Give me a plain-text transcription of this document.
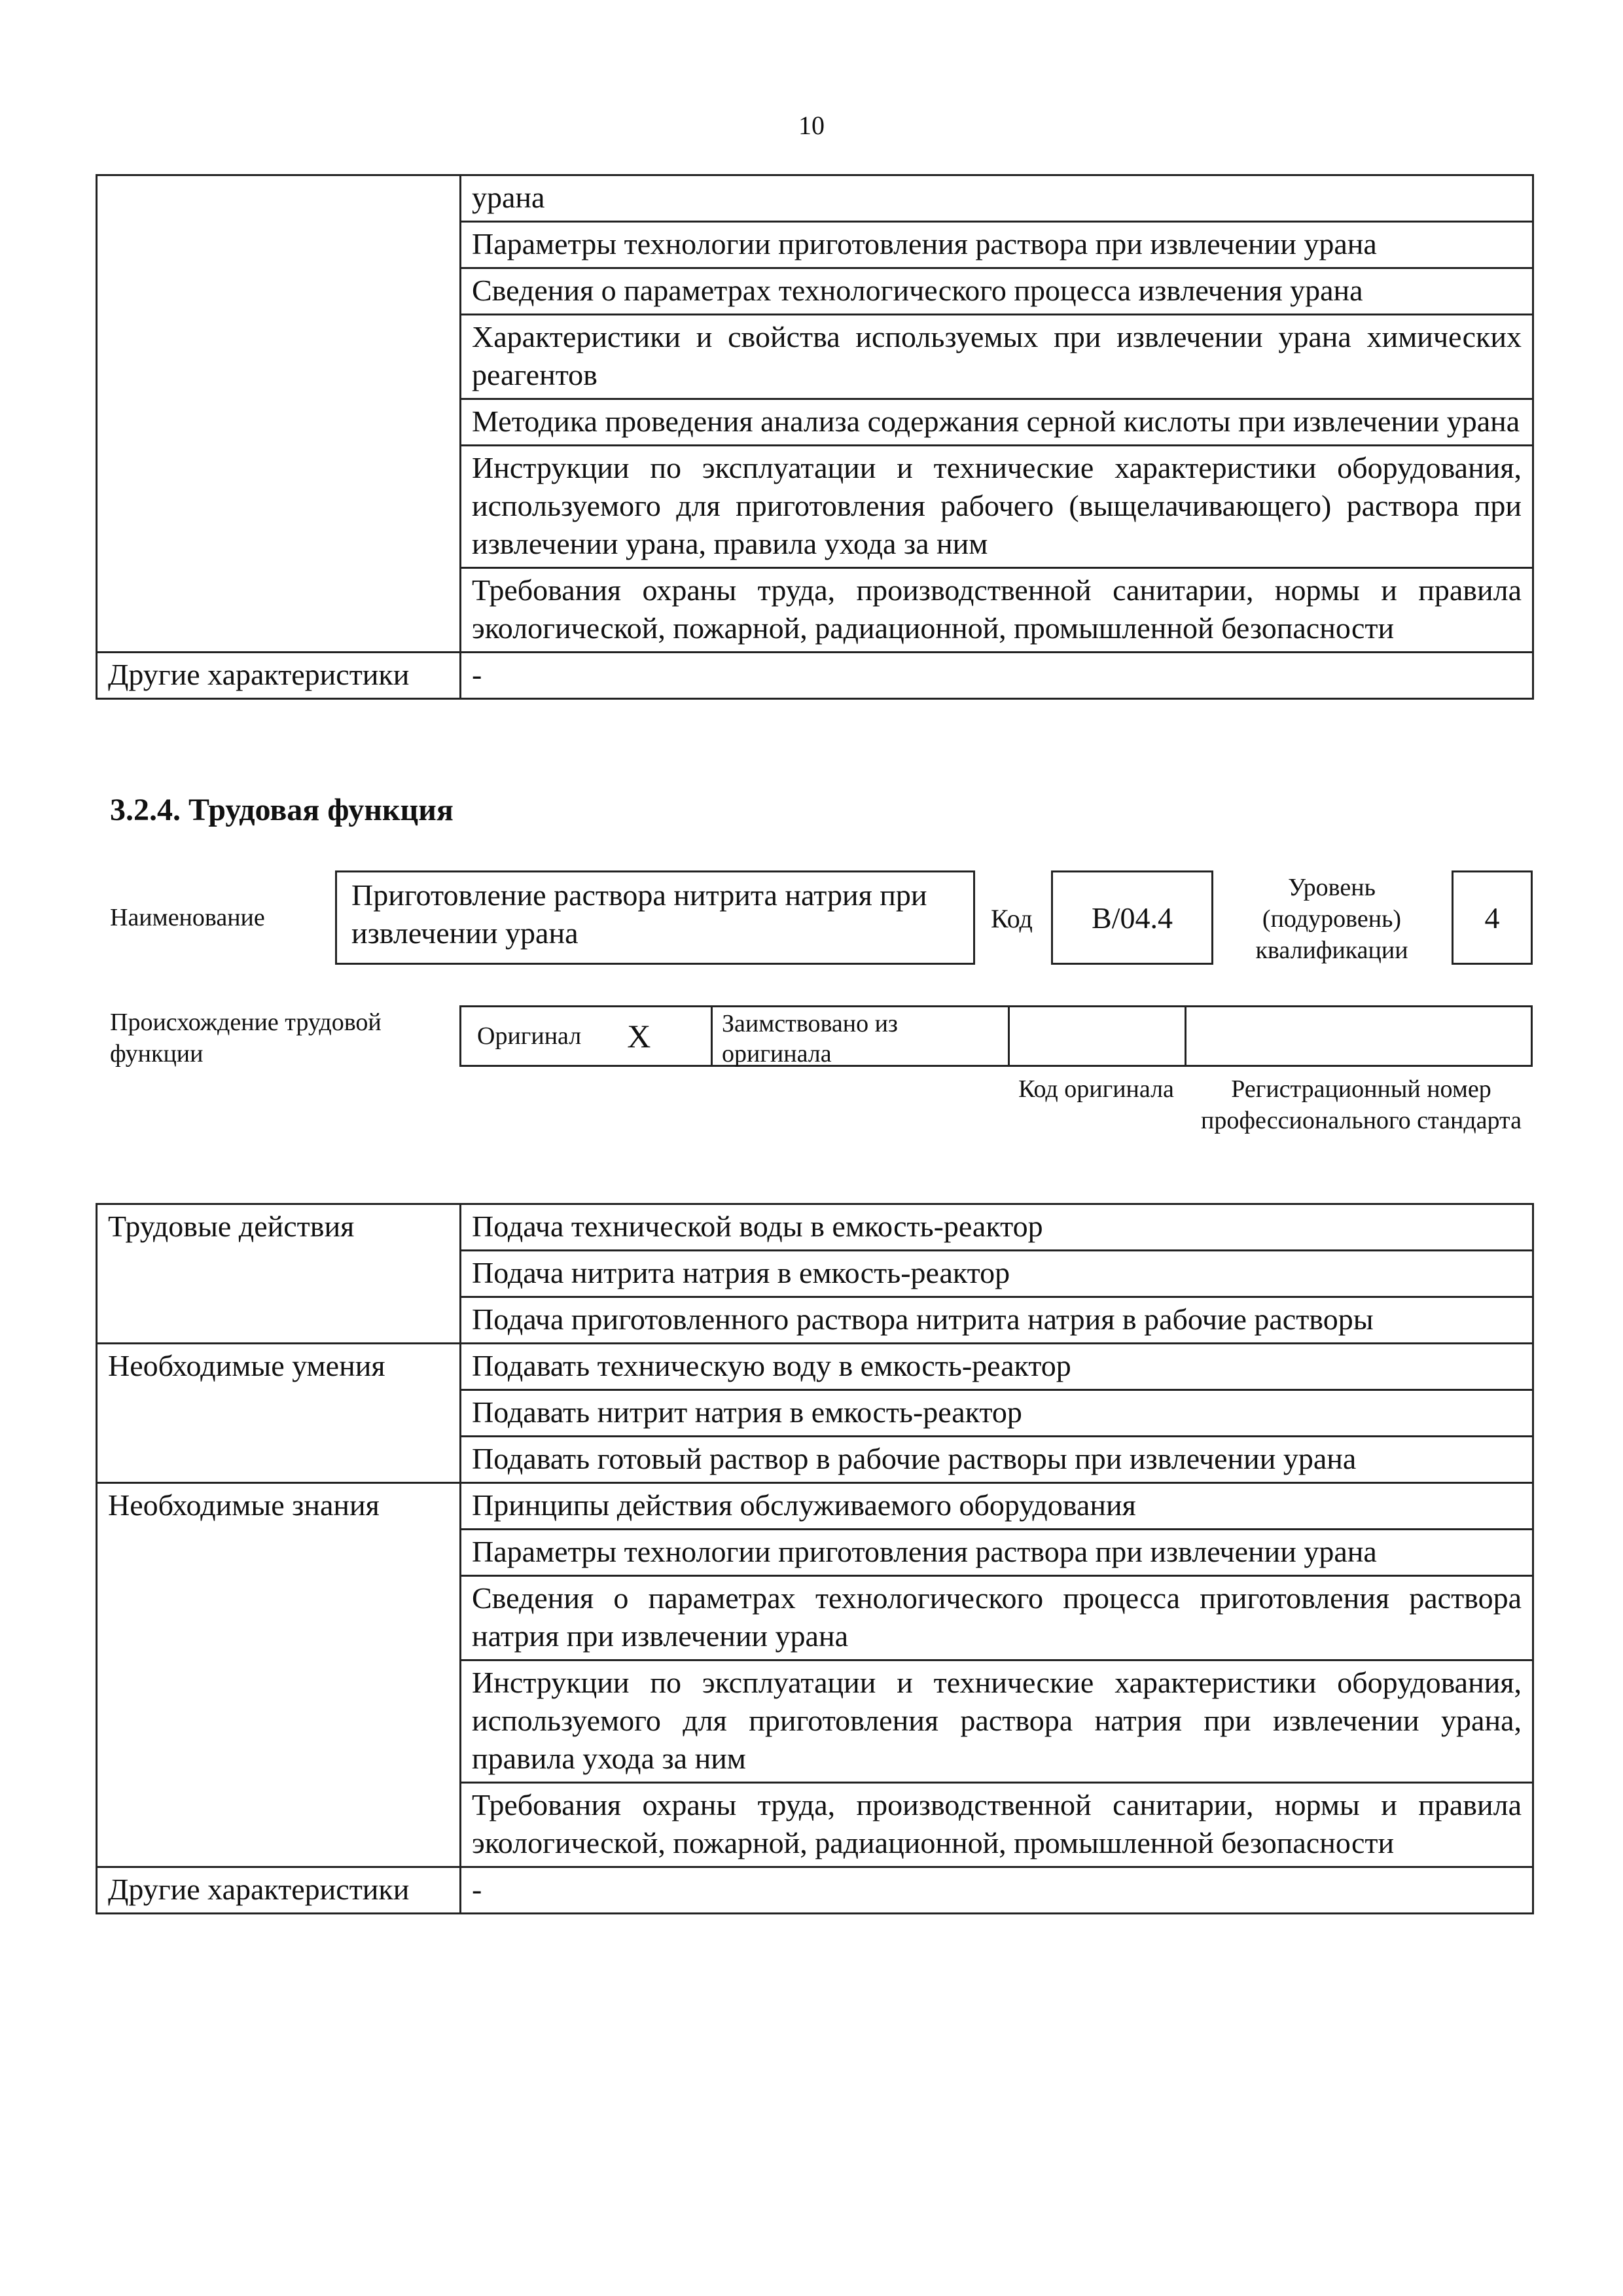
10
	урана
	Параметры технологии приготовления раствора при извлечении урана
	Сведения о параметрах технологического процесса извлечения урана
	Характеристики и свойства используемых при извлечении урана химических реагентов
	Методика проведения анализа содержания серной кислоты при извлечении урана
	Инструкции по эксплуатации и технические характеристики оборудования, используемого для приготовления рабочего (выщелачивающего) раствора при извлечении урана, правила ухода за ним
	Требования охраны труда, производственной санитарии, нормы и правила экологической, пожарной, радиационной, промышленной безопасности
Другие характеристики	-
3.2.4. Трудовая функция
Наименование
Приготовление раствора нитрита натрия при извлечении урана	Код	B/04.4
Уровень (подуровень) квалификации
4
Происхождение трудовой функции
Оригинал X	Заимствовано из оригинала
Код оригинала	Регистрационный номер профессионального стандарта
Трудовые действия	Подача технической воды в емкость-реактор
	Подача нитрита натрия в емкость-реактор
	Подача приготовленного раствора нитрита натрия в рабочие растворы
Необходимые умения	Подавать техническую воду в емкость-реактор
	Подавать нитрит натрия в емкость-реактор
	Подавать готовый раствор в рабочие растворы при извлечении урана
Необходимые знания	Принципы действия обслуживаемого оборудования
	Параметры технологии приготовления раствора при извлечении урана
	Сведения о параметрах технологического процесса приготовления раствора натрия при извлечении урана
	Инструкции по эксплуатации и технические характеристики оборудования, используемого для приготовления раствора натрия при извлечении урана, правила ухода за ним
	Требования охраны труда, производственной санитарии, нормы и правила экологической, пожарной, радиационной, промышленной безопасности
Другие характеристики	-
